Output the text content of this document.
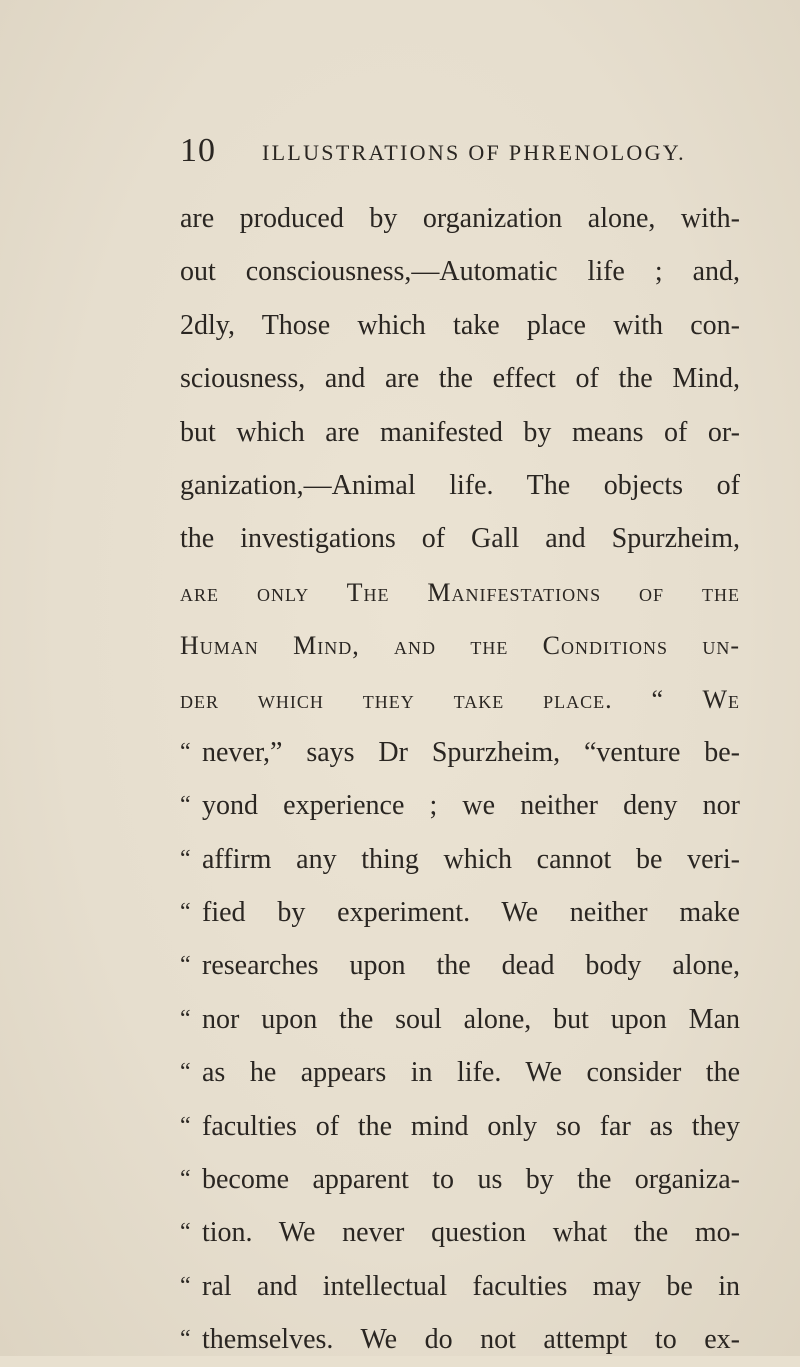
10 ILLUSTRATIONS OF PHRENOLOGY.
are produced by organization alone, with-
out consciousness,—Automatic life ; and,
2dly, Those which take place with con-
sciousness, and are the effect of the Mind,
but which are manifested by means of or-
ganization,—Animal life. The objects of
the investigations of Gall and Spurzheim,
are only The Manifestations of the
Human Mind, and the Conditions un-
der which they take place. “ We
“ never,” says Dr Spurzheim, “venture be-
“ yond experience ; we neither deny nor
“ affirm any thing which cannot be veri-
“ fied by experiment. We neither make
“ researches upon the dead body alone,
“ nor upon the soul alone, but upon Man
“ as he appears in life. We consider the
“ faculties of the mind only so far as they
“ become apparent to us by the organiza-
“ tion. We never question what the mo-
“ ral and intellectual faculties may be in
“ themselves. We do not attempt to ex-
